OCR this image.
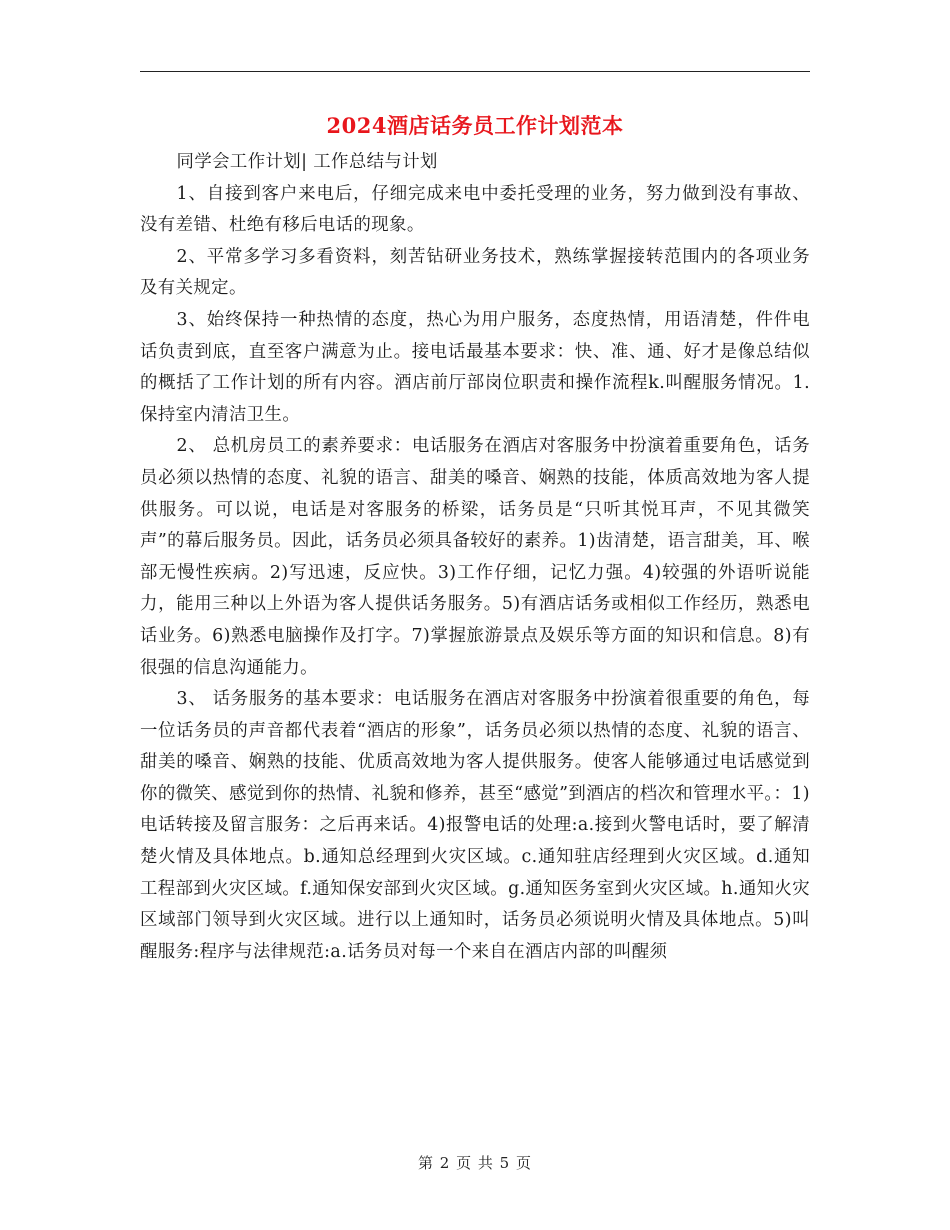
2024酒店话务员工作计划范本

同学会工作计划| 工作总结与计划

1、自接到客户来电后，仔细完成来电中委托受理的业务，努力做到没有事故、没有差错、杜绝有移后电话的现象。

2、平常多学习多看资料，刻苦钻研业务技术，熟练掌握接转范围内的各项业务及有关规定。

3、始终保持一种热情的态度，热心为用户服务，态度热情，用语清楚，件件电话负责到底，直至客户满意为止。接电话最基本要求：快、准、通、好才是像总结似的概括了工作计划的所有内容。酒店前厅部岗位职责和操作流程k.叫醒服务情况。1.保持室内清洁卫生。

2、 总机房员工的素养要求：电话服务在酒店对客服务中扮演着重要角色，话务员必须以热情的态度、礼貌的语言、甜美的嗓音、娴熟的技能，体质高效地为客人提供服务。可以说，电话是对客服务的桥梁，话务员是“只听其悦耳声，不见其微笑声”的幕后服务员。因此，话务员必须具备较好的素养。1)齿清楚，语言甜美，耳、喉部无慢性疾病。2)写迅速，反应快。3)工作仔细，记忆力强。4)较强的外语听说能力，能用三种以上外语为客人提供话务服务。5)有酒店话务或相似工作经历，熟悉电话业务。6)熟悉电脑操作及打字。7)掌握旅游景点及娱乐等方面的知识和信息。8)有很强的信息沟通能力。

3、 话务服务的基本要求：电话服务在酒店对客服务中扮演着很重要的角色，每一位话务员的声音都代表着“酒店的形象”，话务员必须以热情的态度、礼貌的语言、甜美的嗓音、娴熟的技能、优质高效地为客人提供服务。使客人能够通过电话感觉到你的微笑、感觉到你的热情、礼貌和修养，甚至“感觉”到酒店的档次和管理水平。：1)电话转接及留言服务：之后再来话。4)报警电话的处理:a.接到火警电话时，要了解清楚火情及具体地点。b.通知总经理到火灾区域。c.通知驻店经理到火灾区域。d.通知工程部到火灾区域。f.通知保安部到火灾区域。g.通知医务室到火灾区域。h.通知火灾区域部门领导到火灾区域。进行以上通知时，话务员必须说明火情及具体地点。5)叫醒服务:程序与法律规范:a.话务员对每一个来自在酒店内部的叫醒须

第 2 页 共 5 页
